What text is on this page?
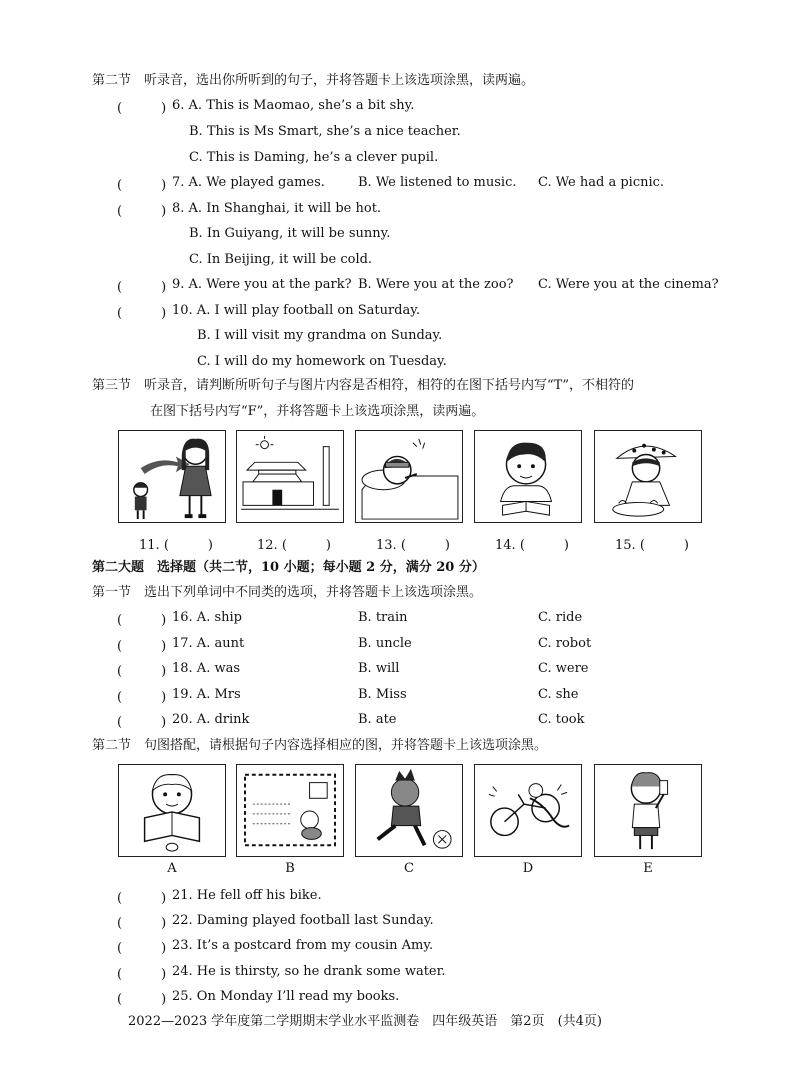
第二节　听录音，选出你所听到的句子，并将答题卡上该选项涂黑，读两遍。
(　　　) 6. A. This is Maomao, she’s a bit shy.
B. This is Ms Smart, she’s a nice teacher.
C. This is Daming, he’s a clever pupil.
(　　　) 7. A. We played games.	B. We listened to music. C. We had a picnic.
(　　　) 8. A. In Shanghai, it will be hot.
B. In Guiyang, it will be sunny.
C. In Beijing, it will be cold.
(　　　) 9. A. Were you at the park? B. Were you at the zoo? C. Were you at the cinema?
(　　　) 10. A. I will play football on Saturday.
B. I will visit my grandma on Sunday.
C. I will do my homework on Tuesday.
第三节　听录音，请判断所听句子与图片内容是否相符，相符的在图下括号内写“T”，不相符的
在图下括号内写“F”，并将答题卡上该选项涂黑，读两遍。
11. (　　　)	12. (　　　)	13. (　　　)	14. (　　　)	15. (　　　)
第二大题　选择题（共二节，10 小题；每小题 2 分，满分 20 分）
第一节　选出下列单词中不同类的选项，并将答题卡上该选项涂黑。
(　　　) 16. A. ship	B. train	C. ride
(　　　) 17. A. aunt	B. uncle	C. robot
(　　　) 18. A. was	B. will	C. were
(　　　) 19. A. Mrs	B. Miss	C. she
(　　　) 20. A. drink	B. ate	C. took
第二节　句图搭配，请根据句子内容选择相应的图，并将答题卡上该选项涂黑。
A	B	C	D	E
(　　　) 21. He fell off his bike.
(　　　) 22. Daming played football last Sunday.
(　　　) 23. It’s a postcard from my cousin Amy.
(　　　) 24. He is thirsty, so he drank some water.
(　　　) 25. On Monday I’ll read my books.
2022—2023 学年度第二学期期末学业水平监测卷　四年级英语　第2页　(共4页)
